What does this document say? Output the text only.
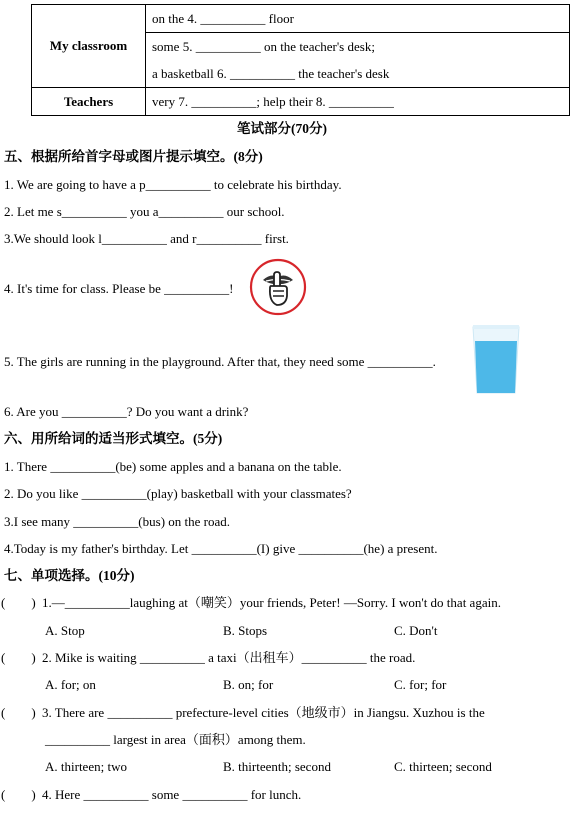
My classroom	on the 4. __________ floor
some 5. __________ on the teacher's desk;
a basketball 6. __________ the teacher's desk

Teachers	very 7. __________; help their 8. __________
笔试部分(70分)
五、根据所给首字母或图片提示填空。(8分)
1. We are going to have a p__________ to celebrate his birthday.
2. Let me s__________ you a__________ our school.
3.We should look l__________ and r__________ first.
4. It's time for class. Please be __________!
5. The girls are running in the playground. After that, they need some __________.
6. Are you __________? Do you want a drink?
六、用所给词的适当形式填空。(5分)
1. There __________(be) some apples and a banana on the table.
2. Do you like __________(play) basketball with your classmates?
3.I see many __________(bus) on the road.
4.Today is my father's birthday. Let __________(I) give __________(he) a present.
七、单项选择。(10分)
(　　) 1.—__________laughing at（嘲笑）your friends, Peter! —Sorry. I won't do that again.
A. Stop	B. Stops	C. Don't
(　　) 2. Mike is waiting __________ a taxi（出租车）__________ the road.
A. for; on	B. on; for	C. for; for
(　　) 3. There are __________ prefecture-level cities（地级市）in Jiangsu. Xuzhou is the
__________ largest in area（面积）among them.
A. thirteen; two	B. thirteenth; second	C. thirteen; second
(　　) 4. Here __________ some __________ for lunch.
